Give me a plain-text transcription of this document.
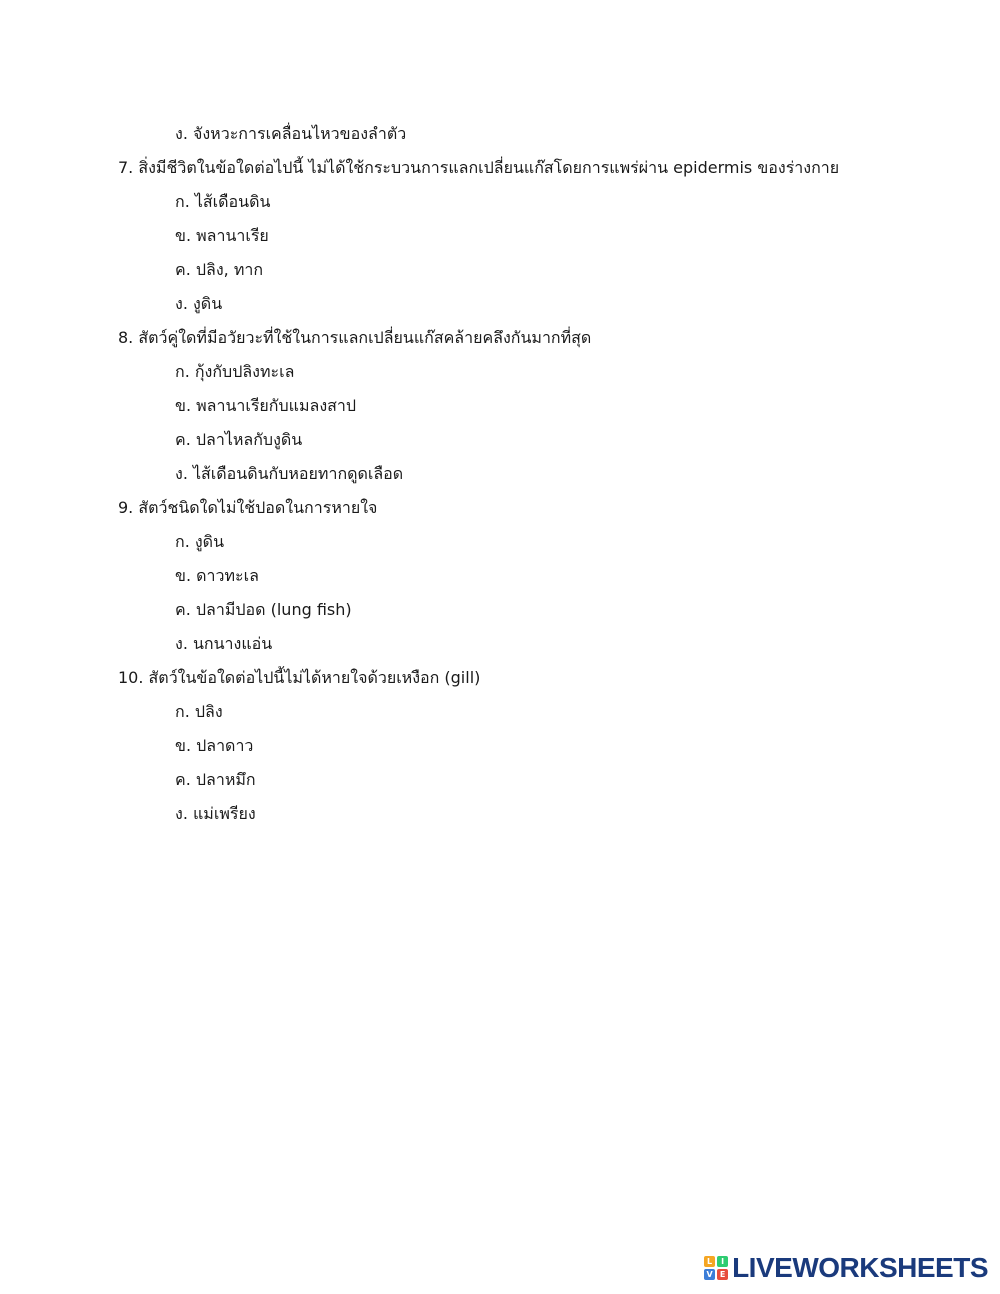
ง. จังหวะการเคลื่อนไหวของลำตัว
7. สิ่งมีชีวิตในข้อใดต่อไปนี้ ไม่ได้ใช้กระบวนการแลกเปลี่ยนแก๊สโดยการแพร่ผ่าน epidermis ของร่างกาย
ก. ไส้เดือนดิน
ข. พลานาเรีย
ค. ปลิง, ทาก
ง. งูดิน
8. สัตว์คู่ใดที่มีอวัยวะที่ใช้ในการแลกเปลี่ยนแก๊สคล้ายคลึงกันมากที่สุด
ก. กุ้งกับปลิงทะเล
ข. พลานาเรียกับแมลงสาป
ค. ปลาไหลกับงูดิน
ง. ไส้เดือนดินกับหอยทากดูดเลือด
9. สัตว์ชนิดใดไม่ใช้ปอดในการหายใจ
ก. งูดิน
ข. ดาวทะเล
ค. ปลามีปอด (lung fish)
ง. นกนางแอ่น
10. สัตว์ในข้อใดต่อไปนี้ไม่ได้หายใจด้วยเหงือก (gill)
ก. ปลิง
ข. ปลาดาว
ค. ปลาหมึก
ง. แม่เพรียง
L	I
V E LIVEWORKSHEETS
